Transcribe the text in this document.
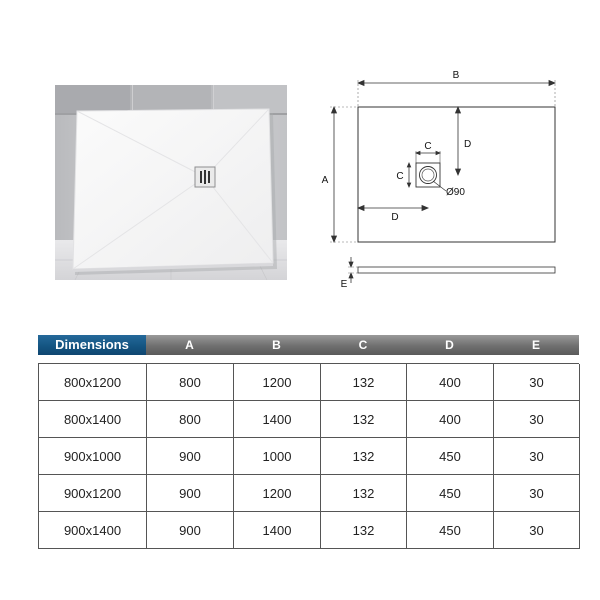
B
A
D
D
C
C
Ø90
E
Dimensions	A	B	C	D	E
800x1200	800	1200	132	400	30
800x1400	800	1400	132	400	30
900x1000	900	1000	132	450	30
900x1200	900	1200	132	450	30
900x1400	900	1400	132	450	30
